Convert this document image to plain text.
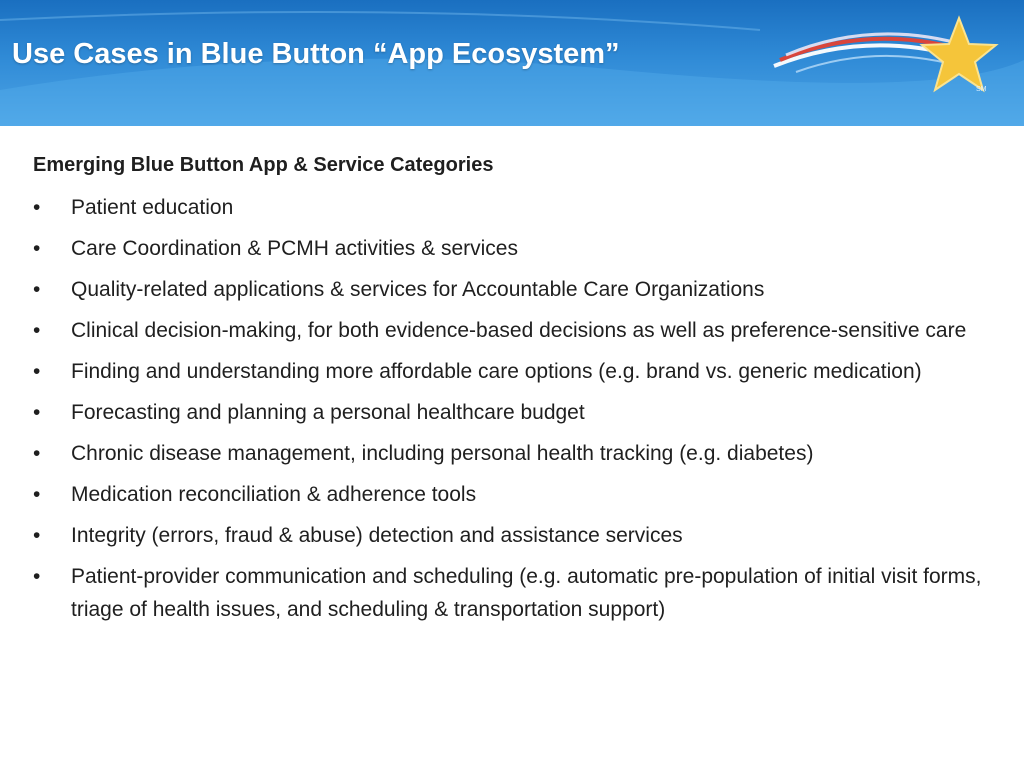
Use Cases in Blue Button “App Ecosystem”
SM
Emerging Blue Button App & Service Categories
•	Patient education
•	Care Coordination & PCMH activities & services
•	Quality-related applications & services for Accountable Care Organizations
•	Clinical decision-making, for both evidence-based decisions as well as preference-sensitive care
•	Finding and understanding more affordable care options (e.g. brand vs. generic medication)
•	Forecasting and planning a personal healthcare budget
•	Chronic disease management, including personal health tracking (e.g. diabetes)
•	Medication reconciliation & adherence tools
•	Integrity (errors, fraud & abuse) detection and assistance services
•	Patient-provider communication and scheduling (e.g. automatic pre-population of initial visit forms, triage of health issues, and scheduling & transportation support)
